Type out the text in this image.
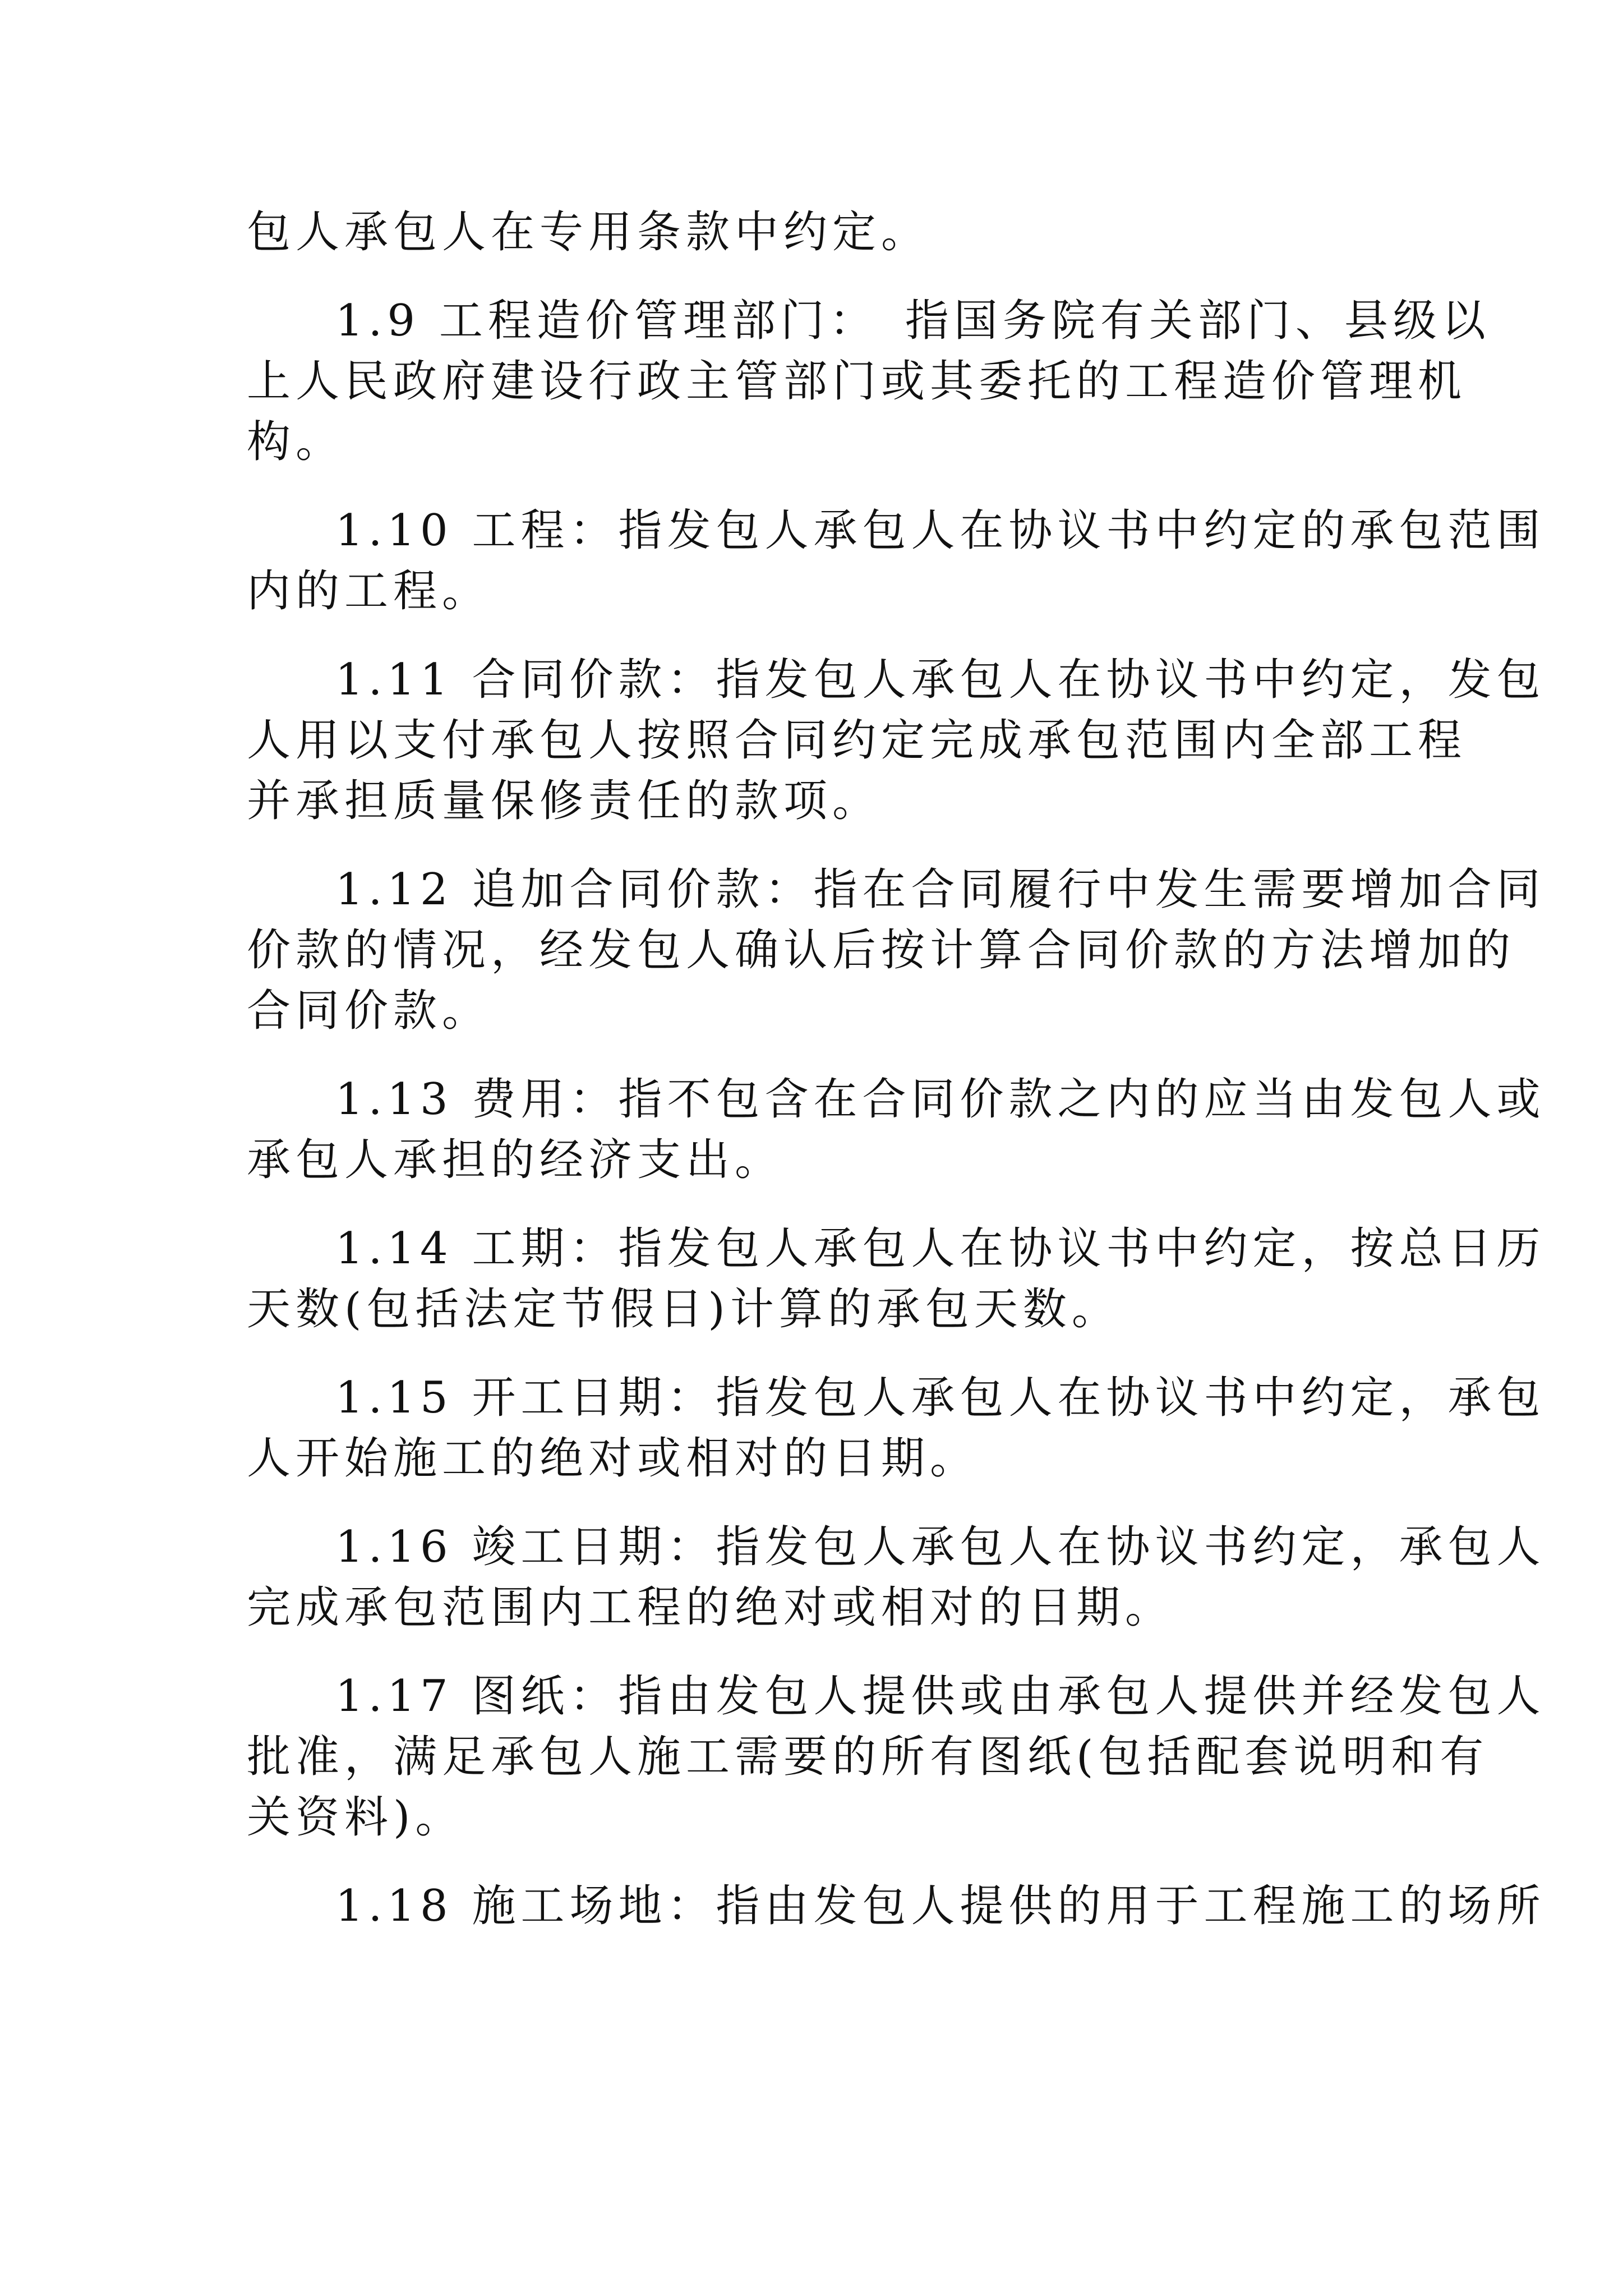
包人承包人在专用条款中约定。
1.9 工程造价管理部门：　指国务院有关部门、县级以
上人民政府建设行政主管部门或其委托的工程造价管理机
构。
1.10 工程：指发包人承包人在协议书中约定的承包范围
内的工程。
1.11 合同价款：指发包人承包人在协议书中约定，发包
人用以支付承包人按照合同约定完成承包范围内全部工程
并承担质量保修责任的款项。
1.12 追加合同价款：指在合同履行中发生需要增加合同
价款的情况，经发包人确认后按计算合同价款的方法增加的
合同价款。
1.13 费用：指不包含在合同价款之内的应当由发包人或
承包人承担的经济支出。
1.14 工期：指发包人承包人在协议书中约定，按总日历
天数(包括法定节假日)计算的承包天数。
1.15 开工日期：指发包人承包人在协议书中约定，承包
人开始施工的绝对或相对的日期。
1.16 竣工日期：指发包人承包人在协议书约定，承包人
完成承包范围内工程的绝对或相对的日期。
1.17 图纸：指由发包人提供或由承包人提供并经发包人
批准，满足承包人施工需要的所有图纸(包括配套说明和有
关资料)。
1.18 施工场地：指由发包人提供的用于工程施工的场所
